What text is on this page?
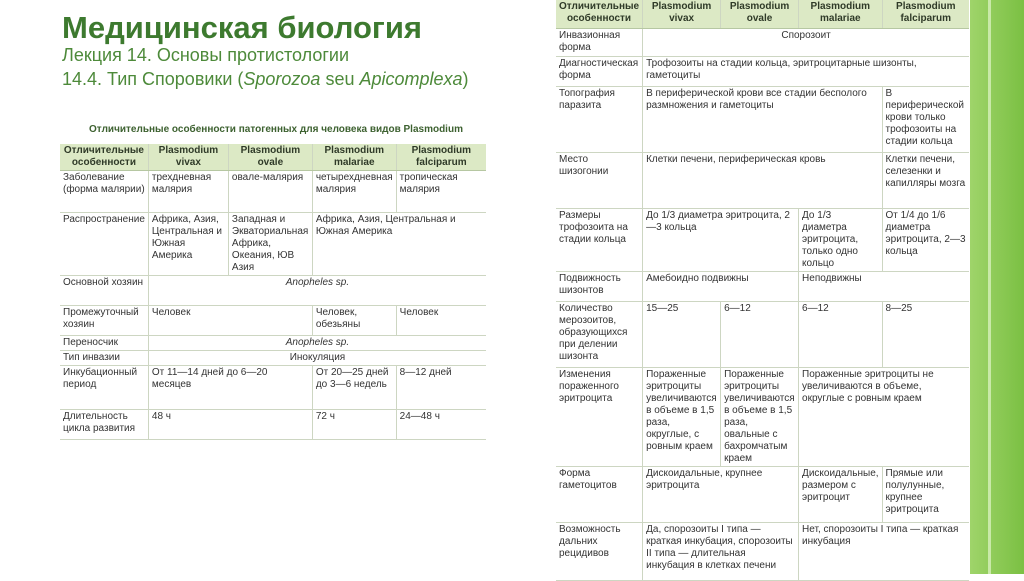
Медицинская биология
Лекция 14. Основы протистологии
14.4. Тип Споровики (Sporozoa seu Apicomplexa)
Отличительные особенности патогенных для человека видов Plasmodium
Отличительные особенности	Plasmodium vivax	Plasmodium ovale	Plasmodium malariae	Plasmodium falciparum
Заболевание (форма малярии)	трехдневная малярия	овале-малярия	четырехдневная малярия	тропическая малярия
Распространение	Африка, Азия, Центральная и Южная Америка	Западная и Экваториальная Африка, Океания, ЮВ Азия	Африка, Азия, Центральная и Южная Америка	
Основной хозяин	Anopheles sp.			
Промежуточный хозяин	Человек		Человек, обезьяны	Человек
Переносчик	Anopheles sp.			
Тип инвазии	Инокуляция			
Инкубационный период	От 11—14 дней до 6—20 месяцев		От 20—25 дней до 3—6 недель	8—12 дней
Длительность цикла развития	48 ч		72 ч	24—48 ч
Отличительные особенности	Plasmodium vivax	Plasmodium ovale	Plasmodium malariae	Plasmodium falciparum
Инвазионная форма	Спорозоит			
Диагностическая форма	Трофозоиты на стадии кольца, эритроцитарные шизонты, гаметоциты			
Топография паразита	В периферической крови все стадии бесполого размножения и гаметоциты			В периферической крови только трофозоиты на стадии кольца
Место шизогонии	Клетки печени, периферическая кровь			Клетки печени, селезенки и капилляры мозга
Размеры трофозоита на стадии кольца	До 1/3 диаметра эритроцита, 2—3 кольца		До 1/3 диаметра эритроцита, только одно кольцо	От 1/4 до 1/6 диаметра эритроцита, 2—3 кольца
Подвижность шизонтов	Амебоидно подвижны		Неподвижны	
Количество мерозоитов, образующихся при делении шизонта	15—25	6—12	6—12	8—25
Изменения пораженного эритроцита	Пораженные эритроциты увеличиваются в объеме в 1,5 раза, округлые, с ровным краем	Пораженные эритроциты увеличиваются в объеме в 1,5 раза, овальные с бахромчатым краем	Пораженные эритроциты не увеличиваются в объеме, округлые с ровным краем	
Форма гаметоцитов	Дискоидальные, крупнее эритроцита		Дискоидальные, размером с эритроцит	Прямые или полулунные, крупнее эритроцита
Возможность дальних рецидивов	Да, спорозоиты I типа — краткая инкубация, спорозоиты II типа — длительная инкубация в клетках печени		Нет, спорозоиты I типа — краткая инкубация	
